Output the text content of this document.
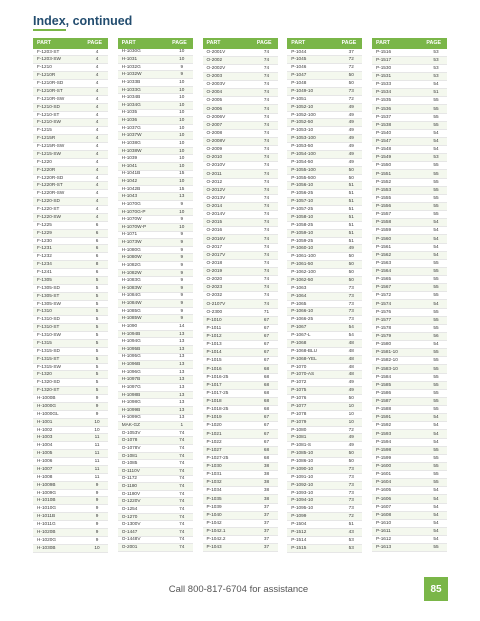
Index, continued
PART	PAGE
F-1203-ST	4
F-1203-SW	4
F-1210	4
F-1210R	4
F-1210R-SD	4
F-1210R-ST	4
F-1210R-SW	4
F-1210-SD	4
F-1210-ST	4
F-1210-SW	4
F-1215	4
F-1215R	4
F-1215R-SW	4
F-1215-SW	4
F-1220	4
F-1220R	4
F-1220R-SD	4
F-1220R-ST	4
F-1220R-SW	4
F-1220-SD	4
F-1220-ST	4
F-1220-SW	4
F-1225	6
F-1229	6
F-1230	6
F-1231	6
F-1232	6
F-1234	8
F-1241	6
F-1305	5
F-1305-SD	5
F-1305-ST	5
F-1305-SW	5
F-1310	5
F-1310-SD	5
F-1310-ST	5
F-1310-SW	5
F-1315	5
F-1315-SD	5
F-1315-ST	5
F-1315-SW	5
F-1320	5
F-1320-SD	5
F-1320-ST	5
H-1000B	9
H-1000G	9
H-1000GL	9
H-1001	10
H-1002	10
H-1003	11
H-1004	11
H-1005	11
H-1006	11
H-1007	11
H-1008	11
H-1009B	9
H-1009G	9
H-1010B	9
H-1010G	9
H-1011B	9
H-1011G	9
H-1020B	9
H-1020G	9
H-1030B	10
PART	PAGE
H-1030G	10
H-1031	10
H-1032G	9
H-1032W	9
H-1033B	10
H-1033G	10
H-1034B	10
H-1034G	10
H-1035	10
H-1036	10
H-1037G	10
H-1037W	10
H-1038G	10
H-1038W	10
H-1039	10
H-1041	10
H-1041B	15
H-1042	10
H-1042B	15
H-1043	13
H-1070G	9
H-1070G-P	10
H-1070W	9
H-1070W-P	10
H-1071	9
H-1073W	9
H-1080G	9
H-1080W	9
H-1082G	9
H-1082W	9
H-1083G	9
H-1083W	9
H-1084G	9
H-1084W	9
H-1085G	9
H-1085W	9
H-1090	14
H-1094B	13
H-1094G	13
H-1095B	13
H-1095G	13
H-1096B	13
H-1096G	13
H-1097B	13
H-1097G	13
H-1098B	13
H-1098G	13
H-1099B	13
H-1099G	13
MAK-GZ	1
O-1053V	74
O-1078	74
O-1078V	74
O-1081	74
O-1085	74
O-1110V	74
O-1172	74
O-1180	74
O-1180V	74
O-1220V	74
O-1254	74
O-1270	74
O-1300V	74
O-1447	74
O-1448V	74
O-2001	74
PART	PAGE
O-2001V	74
O-2002	74
O-2002V	74
O-2003	74
O-2003V	74
O-2004	74
O-2005	74
O-2006	74
O-2006V	74
O-2007	74
O-2008	74
O-2008V	74
O-2009	74
O-2010	74
O-2010V	74
O-2011	74
O-2012	74
O-2012V	74
O-2013V	74
O-2014	74
O-2014V	74
O-2015	74
O-2016	74
O-2016V	74
O-2017	74
O-2017V	74
O-2018	74
O-2019	74
O-2020	74
O-2023	74
O-2032	74
O-2107V	74
O-2300	71
P-1010	67
P-1011	67
P-1012	67
P-1013	67
P-1014	67
P-1015	67
P-1016	68
P-1016-25	68
P-1017	68
P-1017-25	68
P-1018	68
P-1018-25	68
P-1019	67
P-1020	67
P-1021	67
P-1022	67
P-1027	68
P-1027-25	68
P-1030	38
P-1031	38
P-1032	38
P-1034	38
P-1035	38
P-1039	37
P-1040	37
P-1042	37
P-1042.1	37
P-1042.2	37
P-1043	37
PART	PAGE
P-1044	37
P-1045	72
P-1046	72
P-1047	50
P-1048	50
P-1049-10	73
P-1051	72
P-1052-10	49
P-1052-100	49
P-1052-50	49
P-1053-10	49
P-1053-100	49
P-1053-50	49
P-1054-100	49
P-1054-50	49
P-1055-100	50
P-1055-500	50
P-1056-10	51
P-1056-25	51
P-1057-10	51
P-1057-25	51
P-1058-10	51
P-1058-25	51
P-1059-10	51
P-1059-25	51
P-1060-10	49
P-1061-100	50
P-1061-50	50
P-1062-100	50
P-1062-50	50
P-1063	73
P-1064	73
P-1065	73
P-1066-10	73
P-1066-25	73
P-1067	54
P-1067-L	54
P-1068	48
P-1068-BLU	48
P-1068-YEL	48
P-1070	48
P-1070-AS	48
P-1072	49
P-1075	49
P-1076	50
P-1077	10
P-1078	10
P-1079	10
P-1080	72
P-1081	49
P-1081-S	49
P-1085-10	50
P-1086-10	50
P-1090-10	73
P-1091-10	73
P-1092-10	73
P-1093-10	73
P-1094-10	73
P-1095-10	73
P-1099	72
P-1504	51
P-1512	43
P-1514	53
P-1515	53
PART	PAGE
P-1516	53
P-1517	53
P-1530	53
P-1531	53
P-1533	54
P-1534	51
P-1535	55
P-1536	55
P-1537	55
P-1538	55
P-1540	54
P-1547	54
P-1548	54
P-1549	53
P-1550	55
P-1551	55
P-1552	55
P-1553	55
P-1555	55
P-1556	55
P-1557	55
P-1558	54
P-1559	54
P-1560	54
P-1561	54
P-1562	54
P-1563	55
P-1564	55
P-1565	55
P-1567	55
P-1572	55
P-1574	54
P-1576	55
P-1577	55
P-1578	55
P-1579	56
P-1580	54
P-1581-10	55
P-1582-10	55
P-1583-10	55
P-1584	55
P-1585	55
P-1586	55
P-1587	55
P-1588	55
P-1591	54
P-1592	54
P-1593	54
P-1594	54
P-1598	55
P-1599	55
P-1600	55
P-1601	55
P-1604	55
P-1605	54
P-1606	54
P-1607	54
P-1608	54
P-1610	54
P-1611	54
P-1612	54
P-1613	55
Call 800-817-6704 for assistance	85
